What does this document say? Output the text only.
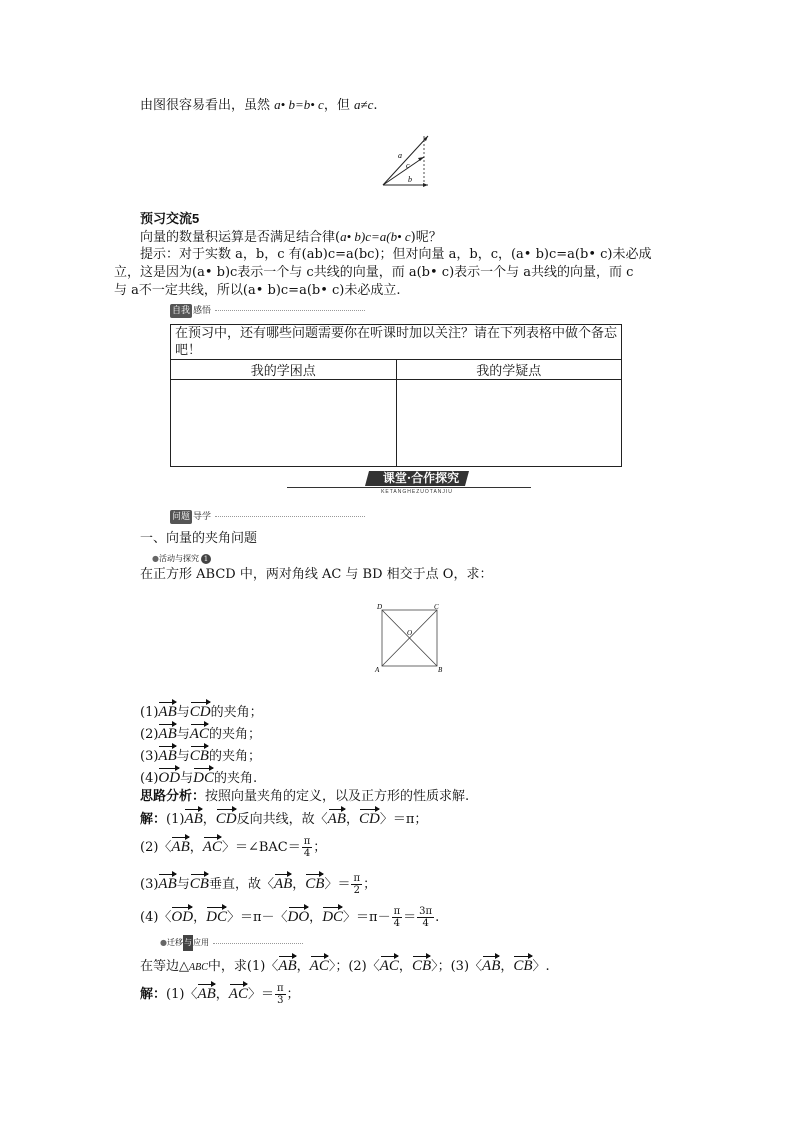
由图很容易看出，虽然 a• b=b• c，但 a≠c.
a
c
b
预习交流5
向量的数量积运算是否满足结合律(a• b)c=a(b• c)呢？
提示：对于实数 a，b，c 有(ab)c=a(bc)；但对向量 a，b，c，(a• b)c=a(b• c)未必成
立，这是因为(a• b)c表示一个与 c共线的向量，而 a(b• c)表示一个与 a共线的向量，而 c
与 a不一定共线，所以(a• b)c=a(b• c)未必成立.
自我 感悟
在预习中，还有哪些问题需要你在听课时加以关注？请在下列表格中做个备忘吧！	
我的学困点	我的学疑点

课堂·合作探究
KETANGHEZUOTANJIU
问题 导学
一、向量的夹角问题
●活动与探究 1
在正方形 ABCD 中，两对角线 AC 与 BD 相交于点 O，求：
D	C
O
A	B
(1)AB与CD的夹角；
(2)AB与AC的夹角；
(3)AB与CB的夹角；
(4)OD与DC的夹角.
思路分析：按照向量夹角的定义，以及正方形的性质求解.
解：(1)AB，CD反向共线，故〈AB，CD〉＝π；
(2)〈AB，AC〉＝∠BAC＝ $\frac{\pi}{4}$ ；
(3)AB与CB垂直，故〈AB，CB〉＝ $\frac{\pi}{2}$ ；
(4)〈OD，DC〉＝π－〈DO，DC〉$=\pi- \frac{\pi}{4} = \frac{3\pi}{4}$ .
●迁移与应用
在等边△ABC中，求(1)〈AB，AC〉；(2)〈AC，CB〉；(3)〈AB，CB〉.
解：(1)〈AB，AC〉＝ $\frac{\pi}{3}$ ；
